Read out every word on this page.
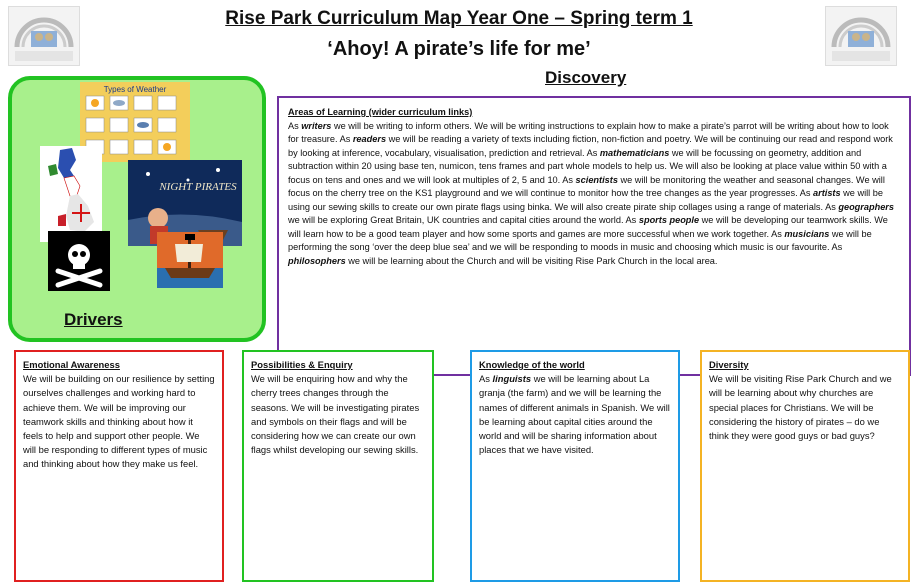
Rise Park Curriculum Map Year One – Spring term 1
‘Ahoy! A pirate’s life for me’
Discovery
Types of Weather
NIGHT PIRATES
Drivers
Areas of Learning (wider curriculum links)
As writers we will be writing to inform others. We will be writing instructions to explain how to make a pirate’s parrot will be writing about how to look for treasure. As readers we will be reading a variety of texts including fiction, non-fiction and poetry. We will be continuing our read and respond work by looking at inference, vocabulary, visualisation, prediction and retrieval. As mathematicians we will be focussing on geometry, addition and subtraction within 20 using base ten, numicon, tens frames and part whole models to help us. We will also be looking at place value within 50 with a focus on tens and ones and we will look at multiples of 2, 5 and 10. As scientists we will be monitoring the weather and seasonal changes. We will focus on the cherry tree on the KS1 playground and we will continue to monitor how the tree changes as the year progresses. As artists we will be using our sewing skills to create our own pirate flags using binka. We will also create pirate ship collages using a range of materials. As geographers we will be exploring Great Britain, UK countries and capital cities around the world. As sports people we will be developing our teamwork skills. We will learn how to be a good team player and how some sports and games are more successful when we work together. As musicians we will be performing the song ‘over the deep blue sea’ and we will be responding to moods in music and choosing which music is our favourite. As philosophers we will be learning about the Church and will be visiting Rise Park Church in the local area.
Emotional Awareness
We will be building on our resilience by setting ourselves challenges and working hard to achieve them. We will be improving our teamwork skills and thinking about how it feels to help and support other people. We will be responding to different types of music and thinking about how they make us feel.
Possibilities & Enquiry
We will be enquiring how and why the cherry trees changes through the seasons. We will be investigating pirates and symbols on their flags and will be considering how we can create our own flags whilst developing our sewing skills.
Knowledge of the world
As linguists we will be learning about La granja (the farm) and we will be learning the names of different animals in Spanish. We will be learning about capital cities around the world and will be sharing information about places that we have visited.
Diversity
We will be visiting Rise Park Church and we will be learning about why churches are special places for Christians. We will be considering the history of pirates – do we think they were good guys or bad guys?
